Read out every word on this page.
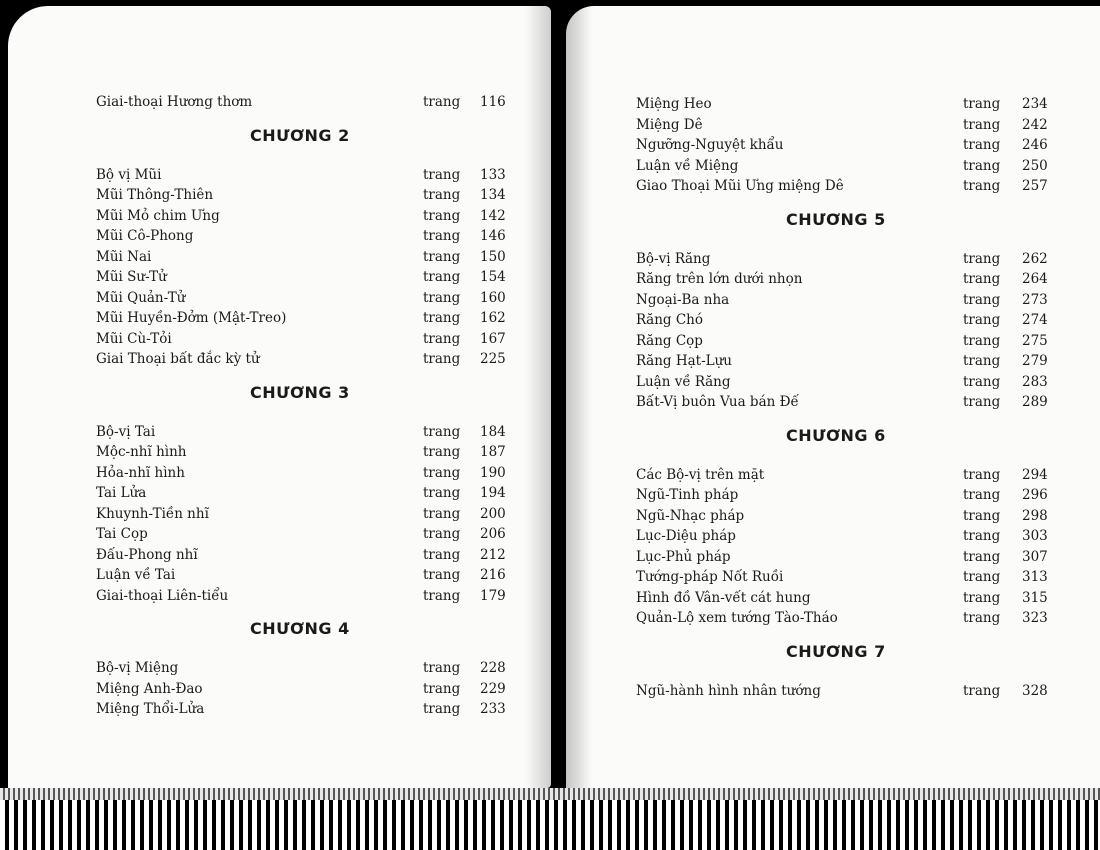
Giai-thoại Hương thơm	trang 116
CHƯƠNG 2
Bộ vị Mũi	trang 133
Mũi Thông-Thiên	trang 134
Mũi Mỏ chim Ưng	trang 142
Mũi Cô-Phong	trang 146
Mũi Nai	trang 150
Mũi Sư-Tử	trang 154
Mũi Quản-Tử	trang 160
Mũi Huyền-Đởm (Mật-Treo)	trang 162
Mũi Cù-Tỏi	trang 167
Giai Thoại bất đắc kỳ tử	trang 225
CHƯƠNG 3
Bộ-vị Tai	trang 184
Mộc-nhĩ hình	trang 187
Hỏa-nhĩ hình	trang 190
Tai Lửa	trang 194
Khuynh-Tiền nhĩ	trang 200
Tai Cọp	trang 206
Đấu-Phong nhĩ	trang 212
Luận về Tai	trang 216
Giai-thoại Liên-tiểu	trang 179
CHƯƠNG 4
Bộ-vị Miệng	trang 228
Miệng Anh-Đao	trang 229
Miệng Thổi-Lửa	trang 233
Miệng Heo	trang 234
Miệng Dê	trang 242
Ngưỡng-Nguyệt khẩu	trang 246
Luận về Miệng	trang 250
Giao Thoại Mũi Ưng miệng Dê	trang 257
CHƯƠNG 5
Bộ-vị Răng	trang 262
Răng trên lớn dưới nhọn	trang 264
Ngoại-Ba nha	trang 273
Răng Chó	trang 274
Răng Cọp	trang 275
Răng Hạt-Lựu	trang 279
Luận về Răng	trang 283
Bất-Vị buôn Vua bán Đế	trang 289
CHƯƠNG 6
Các Bộ-vị trên mặt	trang 294
Ngũ-Tinh pháp	trang 296
Ngũ-Nhạc pháp	trang 298
Lục-Diệu pháp	trang 303
Lục-Phủ pháp	trang 307
Tướng-pháp Nốt Ruồi	trang 313
Hình đồ Vân-vết cát hung	trang 315
Quản-Lộ xem tướng Tào-Tháo	trang 323
CHƯƠNG 7
Ngũ-hành hình nhân tướng	trang 328
